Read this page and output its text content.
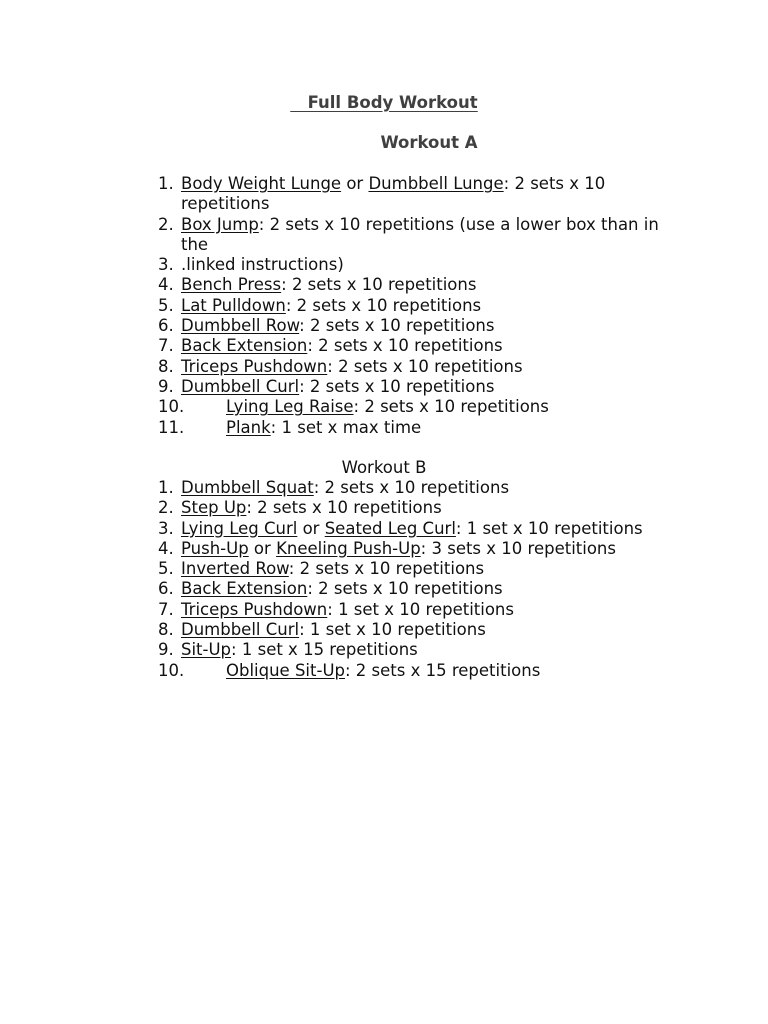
Full Body Workout
Workout A
1. Body Weight Lunge or Dumbbell Lunge: 2 sets x 10 repetitions
2. Box Jump: 2 sets x 10 repetitions (use a lower box than in the
3. .linked instructions)
4. Bench Press: 2 sets x 10 repetitions
5. Lat Pulldown: 2 sets x 10 repetitions
6. Dumbbell Row: 2 sets x 10 repetitions
7. Back Extension: 2 sets x 10 repetitions
8. Triceps Pushdown: 2 sets x 10 repetitions
9. Dumbbell Curl: 2 sets x 10 repetitions
10.	Lying Leg Raise: 2 sets x 10 repetitions
11.	Plank: 1 set x max time
Workout B
1. Dumbbell Squat: 2 sets x 10 repetitions
2. Step Up: 2 sets x 10 repetitions
3. Lying Leg Curl or Seated Leg Curl: 1 set x 10 repetitions
4. Push-Up or Kneeling Push-Up: 3 sets x 10 repetitions
5. Inverted Row: 2 sets x 10 repetitions
6. Back Extension: 2 sets x 10 repetitions
7. Triceps Pushdown: 1 set x 10 repetitions
8. Dumbbell Curl: 1 set x 10 repetitions
9. Sit-Up: 1 set x 15 repetitions
10.	Oblique Sit-Up: 2 sets x 15 repetitions
